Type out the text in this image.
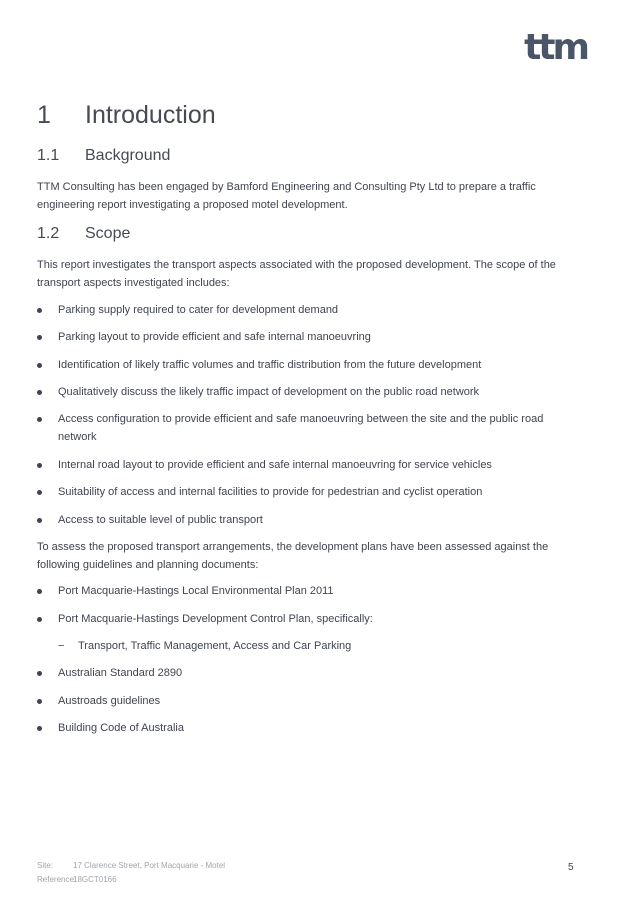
ttm
1 Introduction
1.1 Background

TTM Consulting has been engaged by Bamford Engineering and Consulting Pty Ltd to prepare a traffic engineering report investigating a proposed motel development.

1.2 Scope

This report investigates the transport aspects associated with the proposed development. The scope of the transport aspects investigated includes:

Parking supply required to cater for development demand
Parking layout to provide efficient and safe internal manoeuvring
Identification of likely traffic volumes and traffic distribution from the future development
Qualitatively discuss the likely traffic impact of development on the public road network
Access configuration to provide efficient and safe manoeuvring between the site and the public road network
Internal road layout to provide efficient and safe internal manoeuvring for service vehicles
Suitability of access and internal facilities to provide for pedestrian and cyclist operation
Access to suitable level of public transport

To assess the proposed transport arrangements, the development plans have been assessed against the following guidelines and planning documents:

Port Macquarie-Hastings Local Environmental Plan 2011
Port Macquarie-Hastings Development Control Plan, specifically:
− Transport, Traffic Management, Access and Car Parking
Australian Standard 2890
Austroads guidelines
Building Code of Australia
Site: 17 Clarence Street, Port Macquarie - Motel
Reference:18GCT0166
5
